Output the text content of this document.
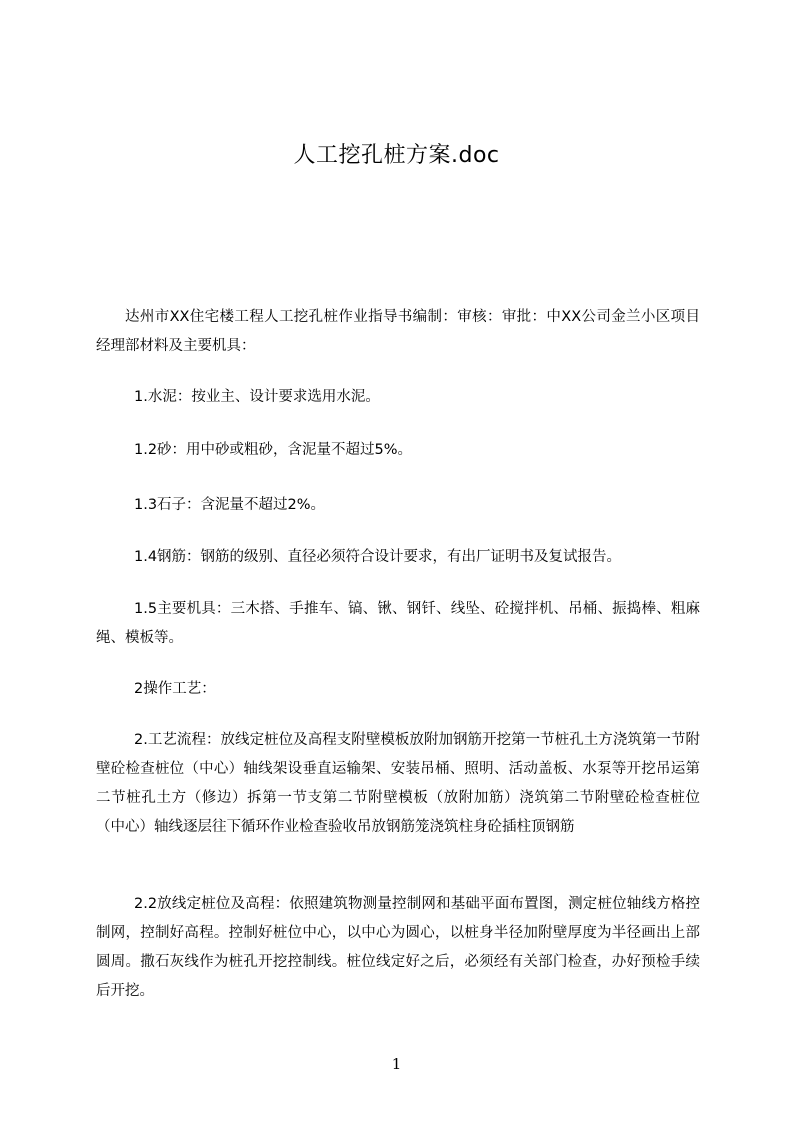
人工挖孔桩方案.doc

达州市XX住宅楼工程人工挖孔桩作业指导书编制：审核：审批：中XX公司金兰小区项目经理部材料及主要机具：

1.水泥：按业主、设计要求选用水泥。

1.2砂：用中砂或粗砂，含泥量不超过5%。

1.3石子：含泥量不超过2%。

1.4钢筋：钢筋的级别、直径必须符合设计要求，有出厂证明书及复试报告。

1.5主要机具：三木搭、手推车、镐、锹、钢钎、线坠、砼搅拌机、吊桶、振捣棒、粗麻绳、模板等。

2操作工艺：

2.工艺流程：放线定桩位及高程支附壁模板放附加钢筋开挖第一节桩孔土方浇筑第一节附壁砼检查桩位（中心）轴线架设垂直运输架、安装吊桶、照明、活动盖板、水泵等开挖吊运第二节桩孔土方（修边）拆第一节支第二节附壁模板（放附加筋）浇筑第二节附壁砼检查桩位（中心）轴线逐层往下循环作业检查验收吊放钢筋笼浇筑柱身砼插柱顶钢筋

2.2放线定桩位及高程：依照建筑物测量控制网和基础平面布置图，测定桩位轴线方格控制网，控制好高程。控制好桩位中心，以中心为圆心，以桩身半径加附壁厚度为半径画出上部圆周。撒石灰线作为桩孔开挖控制线。桩位线定好之后，必须经有关部门检查，办好预检手续后开挖。

1
